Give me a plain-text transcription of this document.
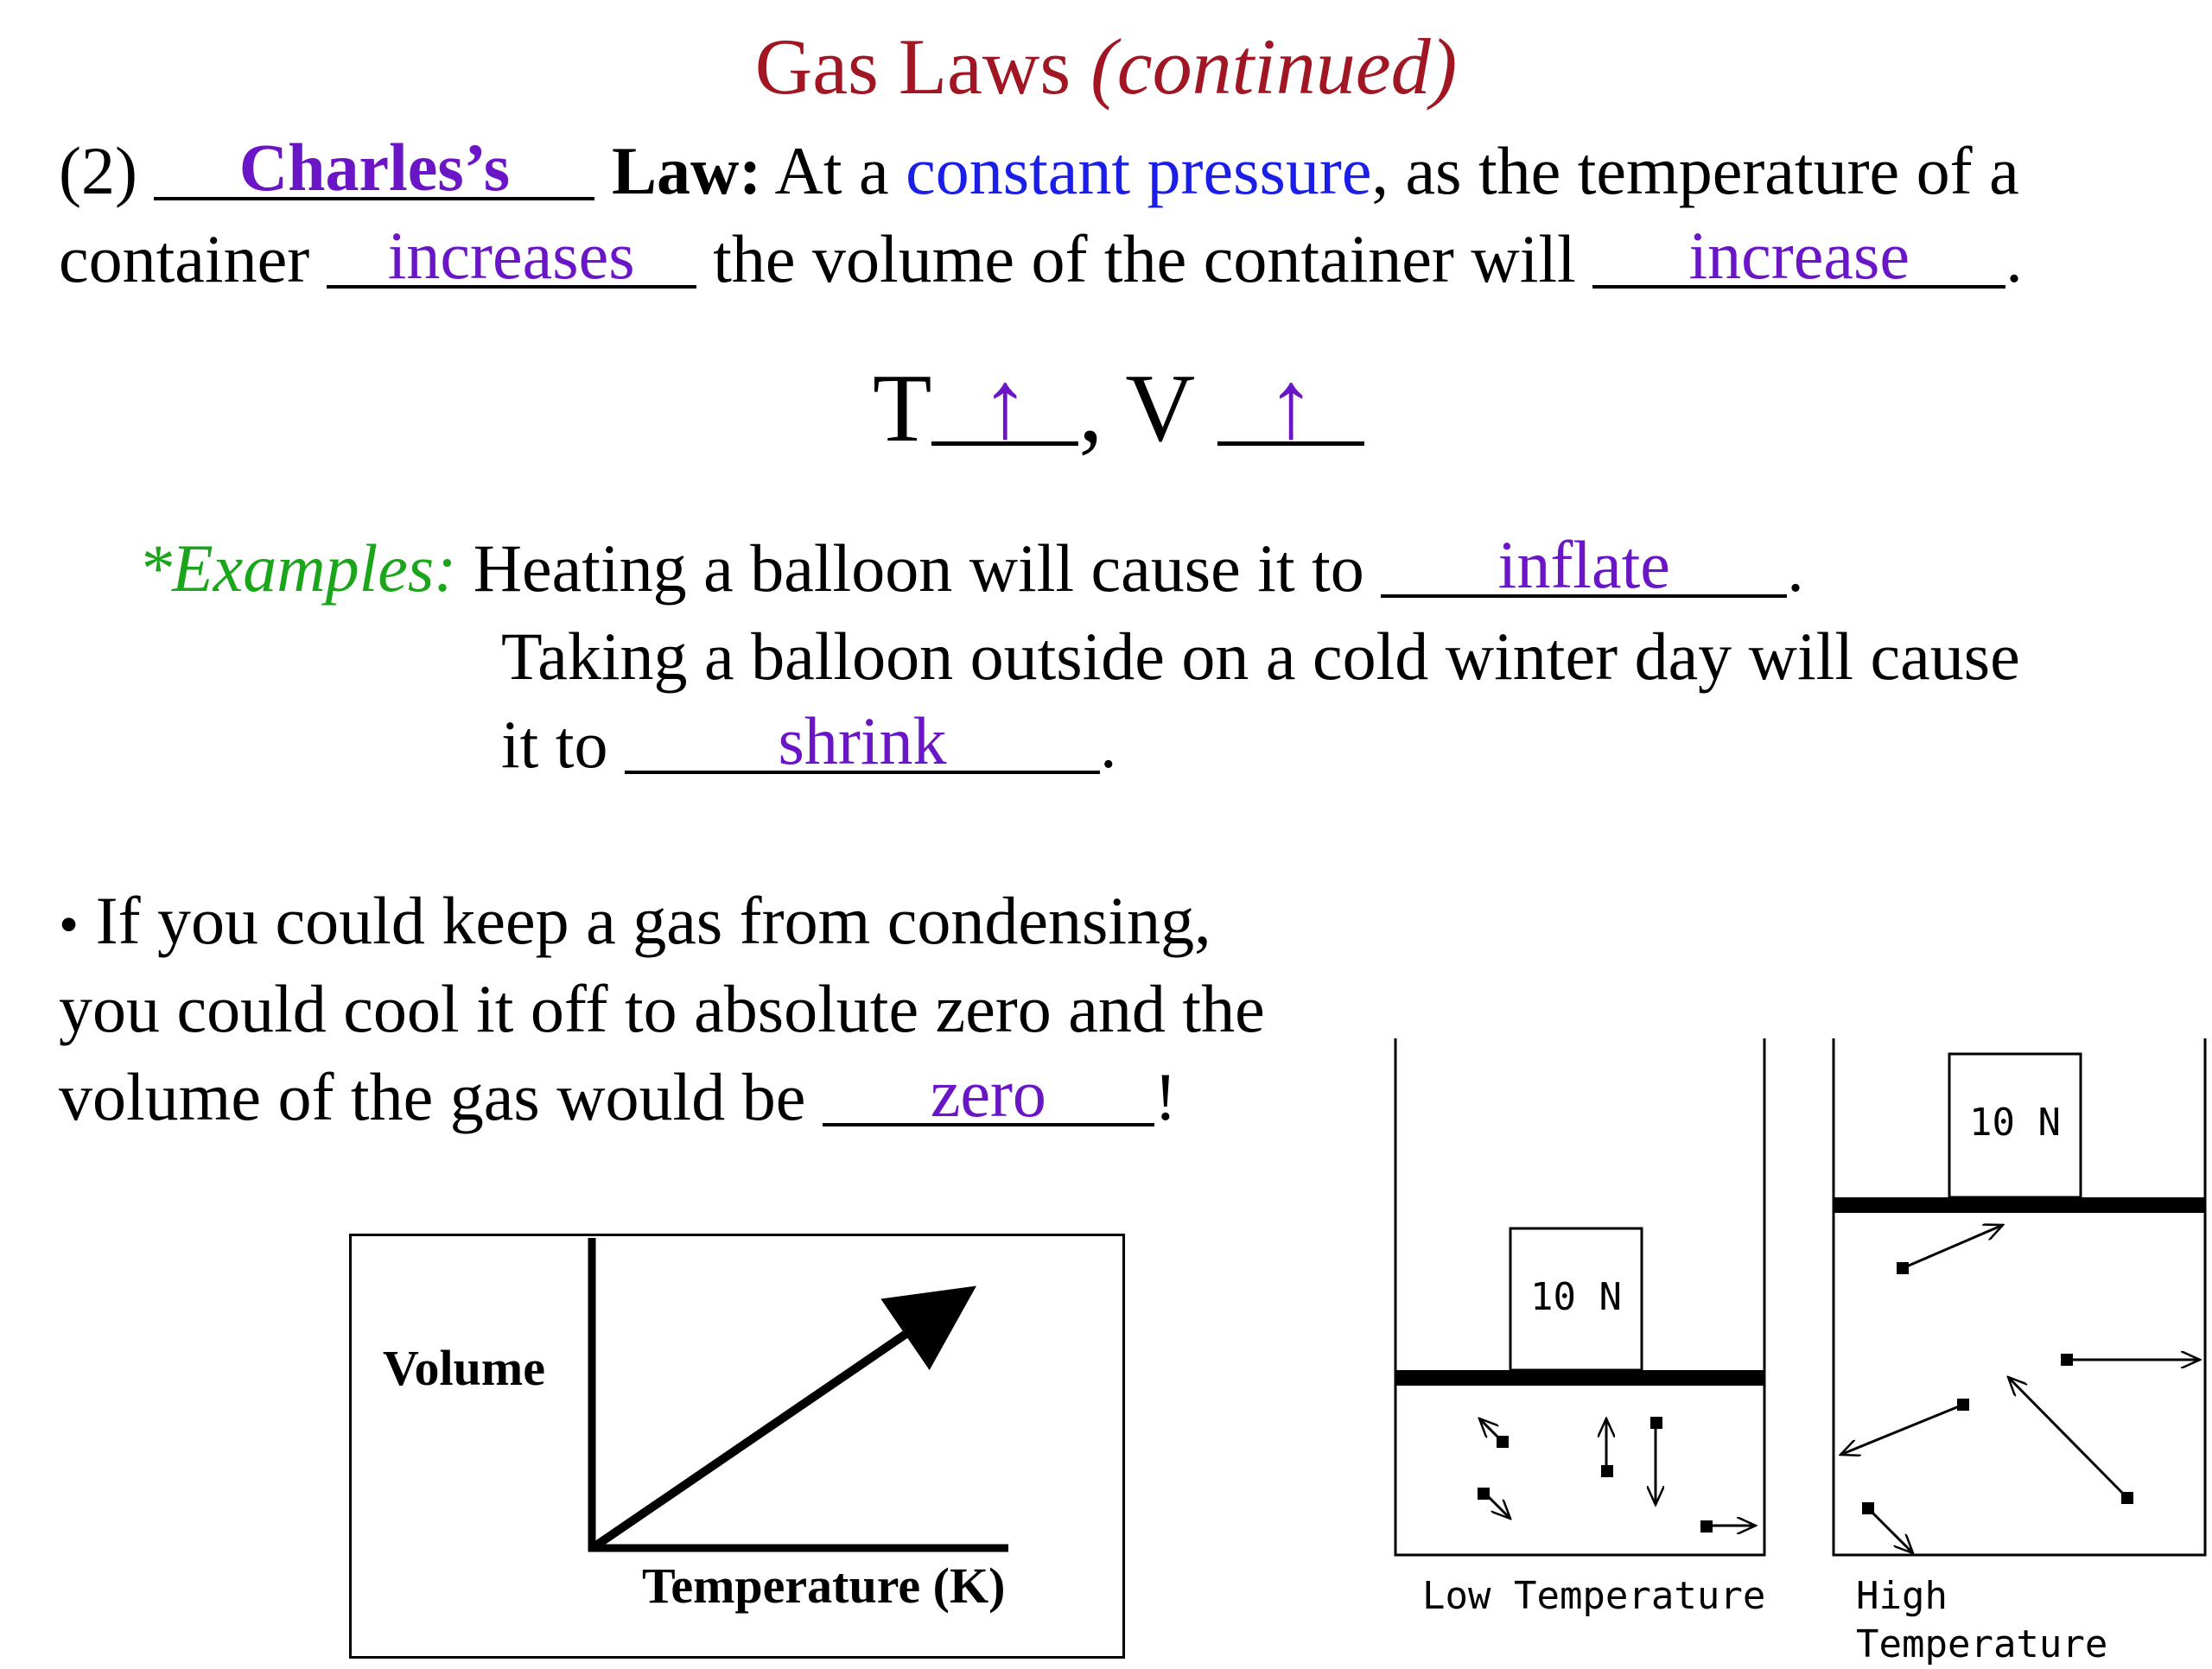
Gas Laws (continued)
(2) Charles’s Law: At a constant pressure, as the temperature of a
container increases the volume of the container will increase .
T ↑ , V ↑
*Examples: Heating a balloon will cause it to inflate .
Taking a balloon outside on a cold winter day will cause
it to	shrink .
• If you could keep a gas from condensing,
you could cool it off to absolute zero and the
volume of the gas would be zero !
Volume
Temperature (K)
10 N
10 N
Low Temperature High Temperature
